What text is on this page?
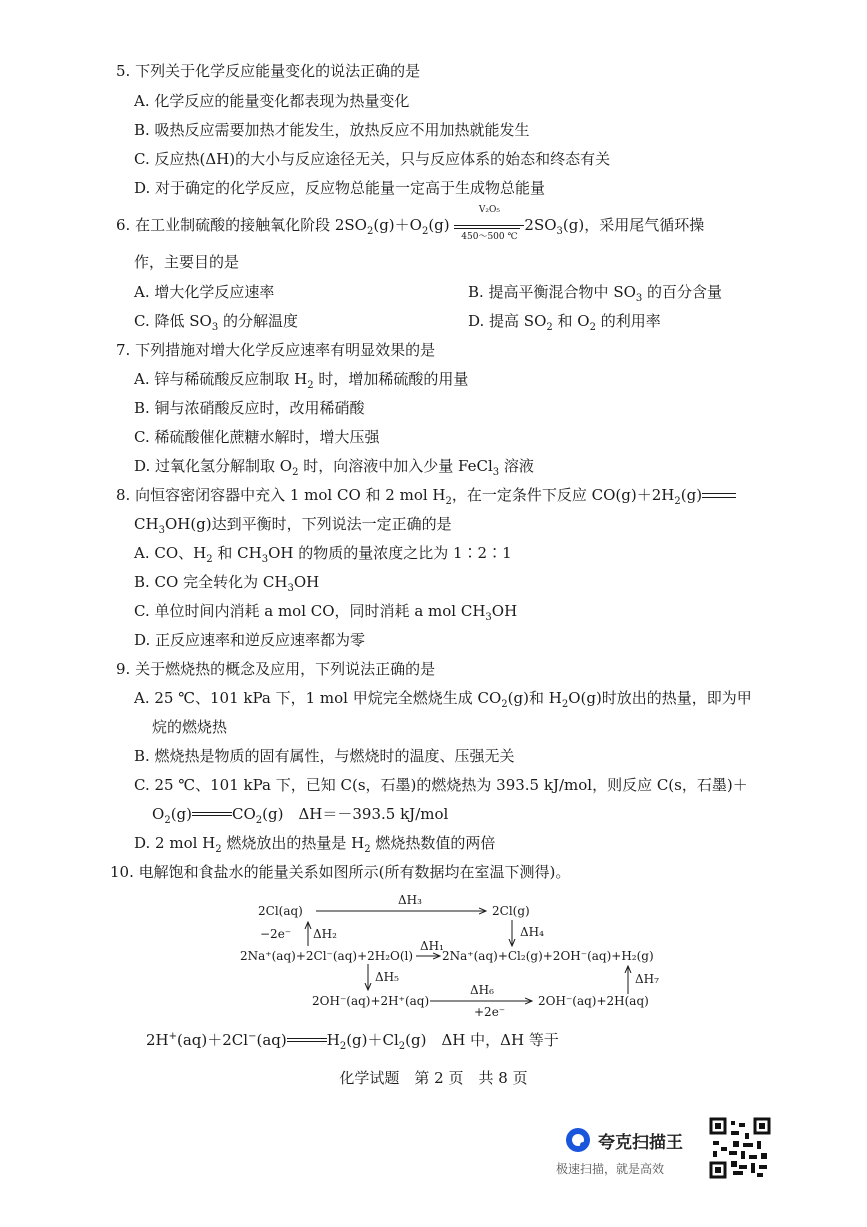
5. 下列关于化学反应能量变化的说法正确的是
A. 化学反应的能量变化都表现为热量变化
B. 吸热反应需要加热才能发生，放热反应不用加热就能发生
C. 反应热(ΔH)的大小与反应途径无关，只与反应体系的始态和终态有关
D. 对于确定的化学反应，反应物总能量一定高于生成物总能量
6. 在工业制硫酸的接触氧化阶段 $2SO_2(g)+O_2(g) \frac{\text{V₂O₅}}{450\sim 500 ℃} 2SO_3(g)$，采用尾气循环操
作，主要目的是
A. 增大化学反应速率	B. 提高平衡混合物中 $SO_3$ 的百分含量
C. 降低 $SO_3$ 的分解温度	D. 提高 $SO_2$ 和 $O_2$ 的利用率
7. 下列措施对增大化学反应速率有明显效果的是
A. 锌与稀硫酸反应制取 $H_2$ 时，增加稀硫酸的用量
B. 铜与浓硝酸反应时，改用稀硝酸
C. 稀硫酸催化蔗糖水解时，增大压强
D. 过氧化氢分解制取 $O_2$ 时，向溶液中加入少量 FeCl$_3$ 溶液
8. 向恒容密闭容器中充入 1 mol CO 和 2 mol $H_2$，在一定条件下反应 $CO(g)+2H_2(g)$
$CH_3OH(g)$达到平衡时，下列说法一定正确的是
A. CO、$H_2$ 和 $CH_3OH$ 的物质的量浓度之比为 1∶2∶1
B. CO 完全转化为 $CH_3OH$
C. 单位时间内消耗 a mol CO，同时消耗 a mol $CH_3OH$
D. 正反应速率和逆反应速率都为零
9. 关于燃烧热的概念及应用，下列说法正确的是
A. 25 ℃、101 kPa 下，1 mol 甲烷完全燃烧生成 $CO_2(g)$和 $H_2O(g)$时放出的热量，即为甲
烷的燃烧热
B. 燃烧热是物质的固有属性，与燃烧时的温度、压强无关
C. 25 ℃、101 kPa 下，已知 C(s，石墨)的燃烧热为 393.5 kJ/mol，则反应 C(s，石墨)＋
$O_2(g)$	$CO_2(g)$　ΔH＝－393.5 kJ/mol
D. 2 mol $H_2$ 燃烧放出的热量是 $H_2$ 燃烧热数值的两倍
10. 电解饱和食盐水的能量关系如图所示(所有数据均在室温下测得)。
2Cl(aq)
ΔH₃
2Cl(g)
−2e⁻ ΔH₂	ΔH₄
2Na⁺(aq)+2Cl⁻(aq)+2H₂O(l)
ΔH₁
2Na⁺(aq)+Cl₂(g)+2OH⁻(aq)+H₂(g)
ΔH₅	ΔH₇
2OH⁻(aq)+2H⁺(aq)
ΔH₆
+2e⁻
2OH⁻(aq)+2H(aq)
2H+(aq)＋2Cl−(aq)	$H_2(g)+Cl_2(g)$　ΔH 中，ΔH 等于
化学试题　第 2 页　共 8 页
夸克扫描王
极速扫描，就是高效
